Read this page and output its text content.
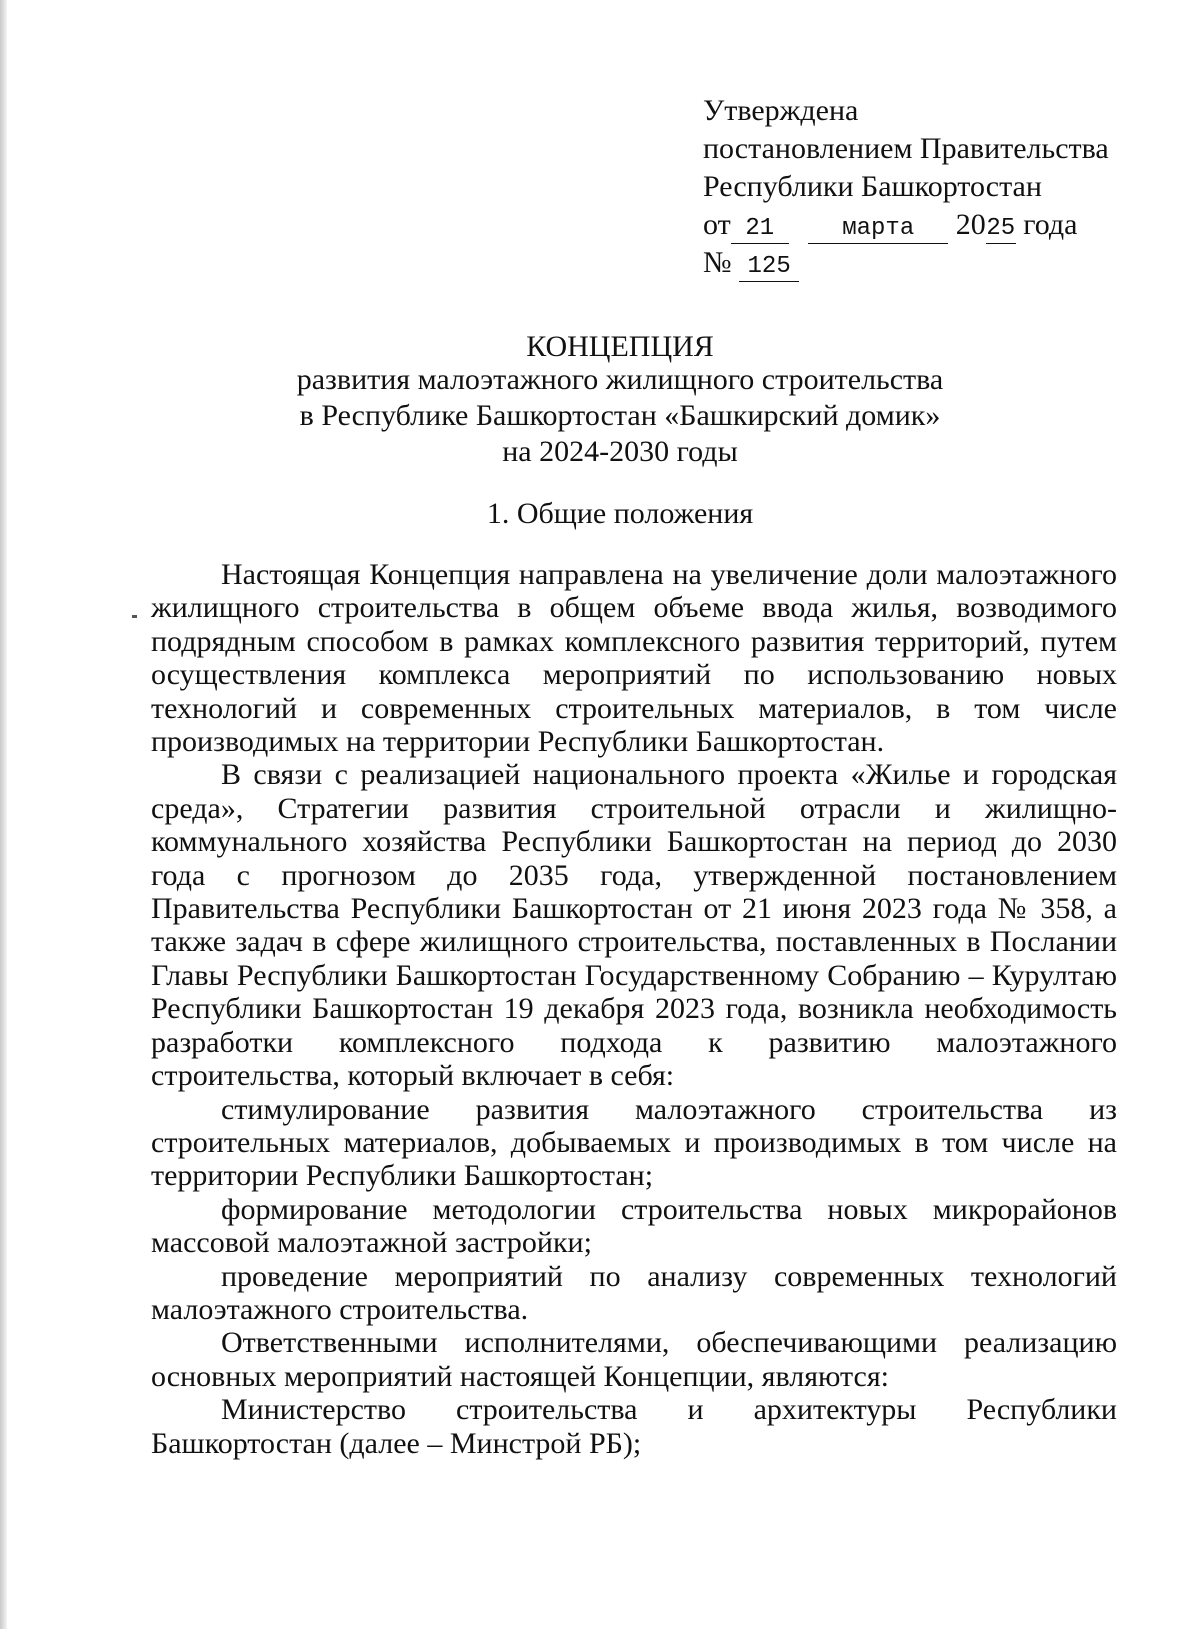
Утверждена
постановлением Правительства
Республики Башкортостан
от 21	марта 2025 года
№ 125
КОНЦЕПЦИЯ
развития малоэтажного жилищного строительства
в Республике Башкортостан «Башкирский домик»
на 2024-2030 годы
1. Общие положения

Настоящая Концепция направлена на увеличение доли малоэтажного жилищного строительства в общем объеме ввода жилья, возводимого подрядным способом в рамках комплексного развития территорий, путем осуществления комплекса мероприятий по использованию новых технологий и современных строительных материалов, в том числе производимых на территории Республики Башкортостан.

В связи с реализацией национального проекта «Жилье и городская среда», Стратегии развития строительной отрасли и жилищно-коммунального хозяйства Республики Башкортостан на период до 2030 года с прогнозом до 2035 года, утвержденной постановлением Правительства Республики Башкортостан от 21 июня 2023 года № 358, а также задач в сфере жилищного строительства, поставленных в Послании Главы Республики Башкортостан Государственному Собранию – Курултаю Республики Башкортостан 19 декабря 2023 года, возникла необходимость разработки комплексного подхода к развитию малоэтажного строительства, который включает в себя:

стимулирование развития малоэтажного строительства из строительных материалов, добываемых и производимых в том числе на территории Республики Башкортостан;

формирование методологии строительства новых микрорайонов массовой малоэтажной застройки;

проведение мероприятий по анализу современных технологий малоэтажного строительства.

Ответственными исполнителями, обеспечивающими реализацию основных мероприятий настоящей Концепции, являются:

Министерство строительства и архитектуры Республики Башкортостан (далее – Минстрой РБ);
